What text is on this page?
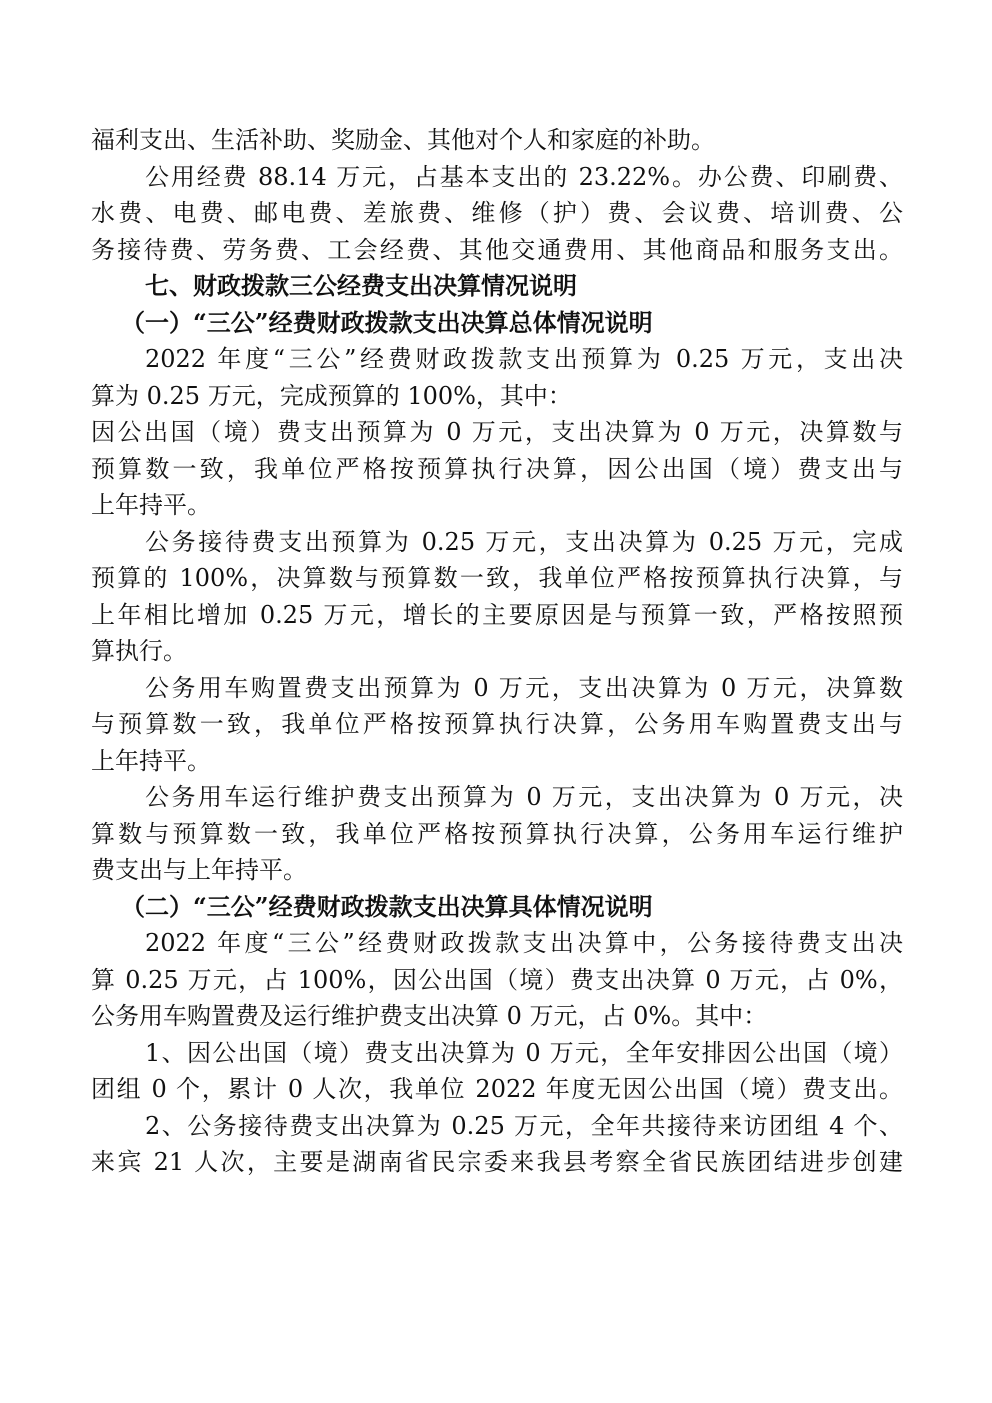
福利支出、生活补助、奖励金、其他对个人和家庭的补助。
公用经费 88.14 万元，占基本支出的 23.22%。办公费、印刷费、
水费、电费、邮电费、差旅费、维修（护）费、会议费、培训费、公
务接待费、劳务费、工会经费、其他交通费用、其他商品和服务支出。
七、财政拨款三公经费支出决算情况说明
（一）“三公”经费财政拨款支出决算总体情况说明
2022 年度“三公”经费财政拨款支出预算为 0.25 万元，支出决
算为 0.25 万元，完成预算的 100%，其中：
因公出国（境）费支出预算为 0 万元，支出决算为 0 万元，决算数与
预算数一致，我单位严格按预算执行决算，因公出国（境）费支出与
上年持平。
公务接待费支出预算为 0.25 万元，支出决算为 0.25 万元，完成
预算的 100%，决算数与预算数一致，我单位严格按预算执行决算，与
上年相比增加 0.25 万元，增长的主要原因是与预算一致，严格按照预
算执行。
公务用车购置费支出预算为 0 万元，支出决算为 0 万元，决算数
与预算数一致，我单位严格按预算执行决算，公务用车购置费支出与
上年持平。
公务用车运行维护费支出预算为 0 万元，支出决算为 0 万元，决
算数与预算数一致，我单位严格按预算执行决算，公务用车运行维护
费支出与上年持平。
（二）“三公”经费财政拨款支出决算具体情况说明
2022 年度“三公”经费财政拨款支出决算中，公务接待费支出决
算 0.25 万元，占 100%，因公出国（境）费支出决算 0 万元，占 0%，
公务用车购置费及运行维护费支出决算 0 万元，占 0%。其中：
1、因公出国（境）费支出决算为 0 万元，全年安排因公出国（境）
团组 0 个，累计 0 人次，我单位 2022 年度无因公出国（境）费支出。
2、公务接待费支出决算为 0.25 万元，全年共接待来访团组 4 个、
来宾 21 人次，主要是湖南省民宗委来我县考察全省民族团结进步创建
